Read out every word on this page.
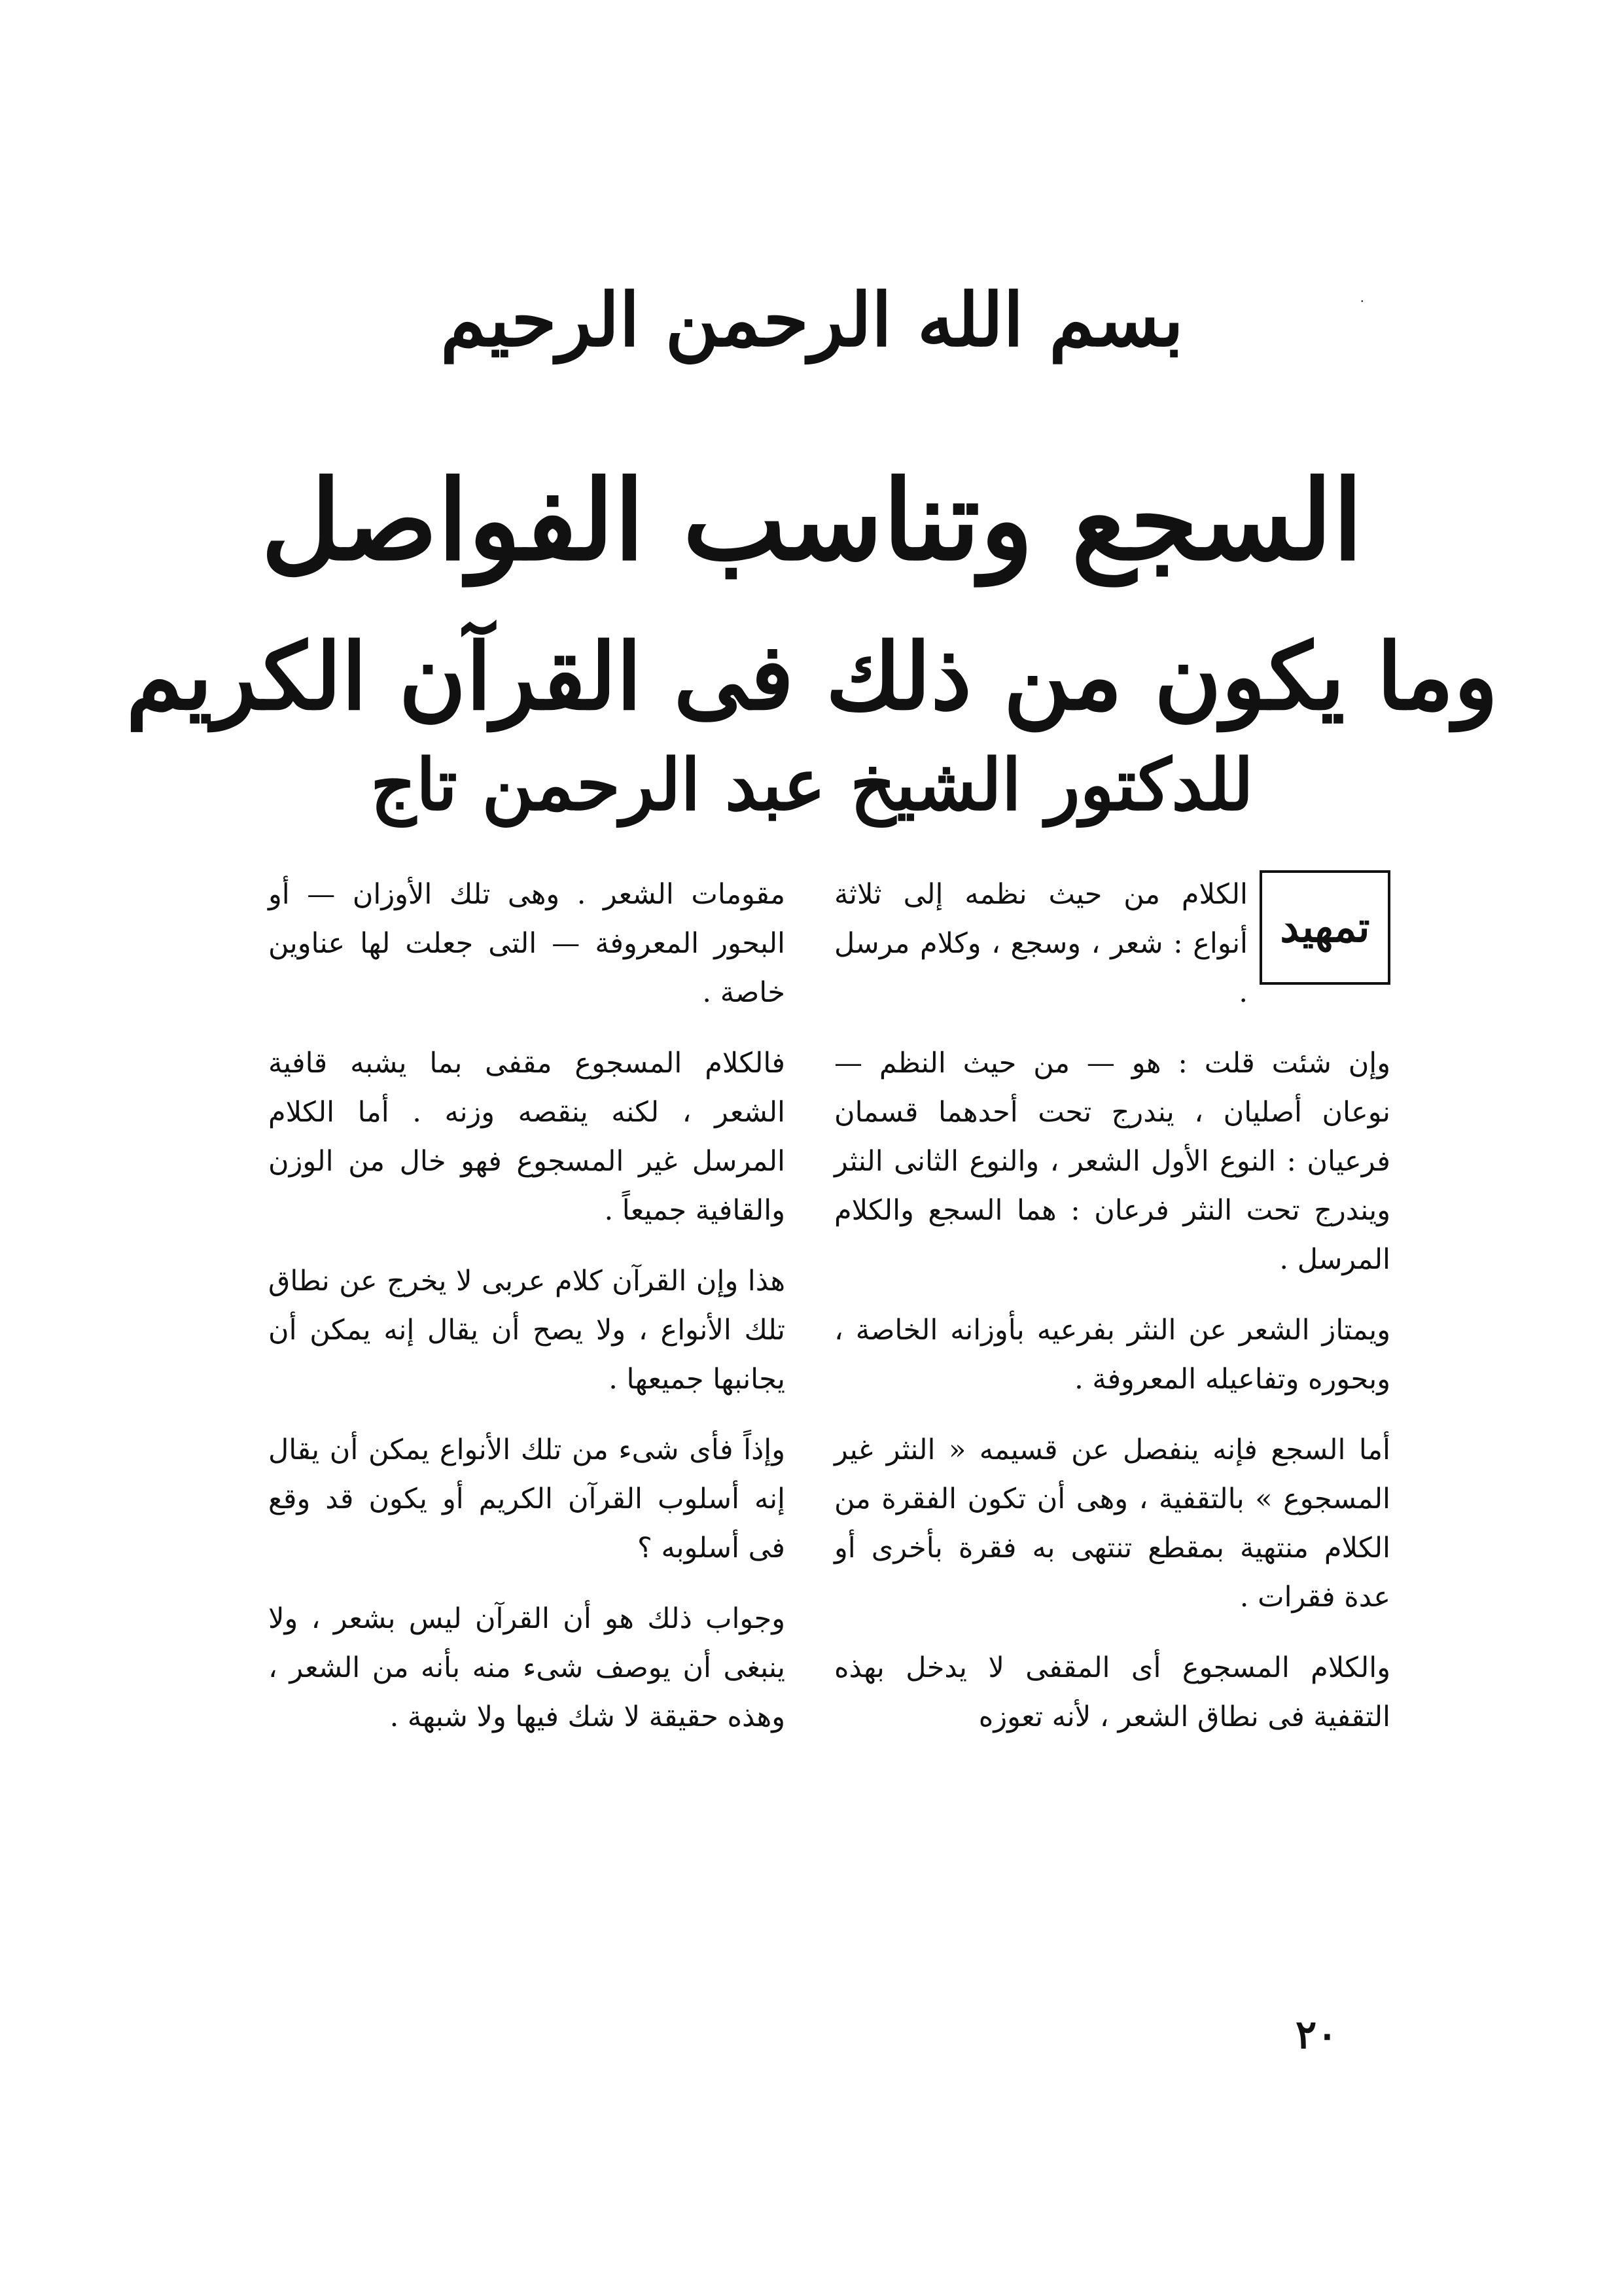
·
بسم الله الرحمن الرحيم
السجع وتناسب الفواصل
وما يكون من ذلك فى القرآن الكريم
للدكتور الشيخ عبد الرحمن تاج
تمهيد

الكلام من حيث نظمه إلى ثلاثة أنواع : شعر ، وسجع ، وكلام مرسل .

وإن شئت قلت : هو — من حيث النظم — نوعان أصليان ، يندرج تحت أحدهما قسمان فرعيان : النوع الأول الشعر ، والنوع الثانى النثر ويندرج تحت النثر فرعان : هما السجع والكلام المرسل .

ويمتاز الشعر عن النثر بفرعيه بأوزانه الخاصة ، وبحوره وتفاعيله المعروفة .

أما السجع فإنه ينفصل عن قسيمه « النثر غير المسجوع » بالتقفية ، وهى أن تكون الفقرة من الكلام منتهية بمقطع تنتهى به فقرة بأخرى أو عدة فقرات .

والكلام المسجوع أى المقفى لا يدخل بهذه التقفية فى نطاق الشعر ، لأنه تعوزه

مقومات الشعر . وهى تلك الأوزان — أو البحور المعروفة — التى جعلت لها عناوين خاصة .

فالكلام المسجوع مقفى بما يشبه قافية الشعر ، لكنه ينقصه وزنه . أما الكلام المرسل غير المسجوع فهو خال من الوزن والقافية جميعاً .

هذا وإن القرآن كلام عربى لا يخرج عن نطاق تلك الأنواع ، ولا يصح أن يقال إنه يمكن أن يجانبها جميعها .

وإذاً فأى شىء من تلك الأنواع يمكن أن يقال إنه أسلوب القرآن الكريم أو يكون قد وقع فى أسلوبه ؟

وجواب ذلك هو أن القرآن ليس بشعر ، ولا ينبغى أن يوصف شىء منه بأنه من الشعر ، وهذه حقيقة لا شك فيها ولا شبهة .

٢٠
